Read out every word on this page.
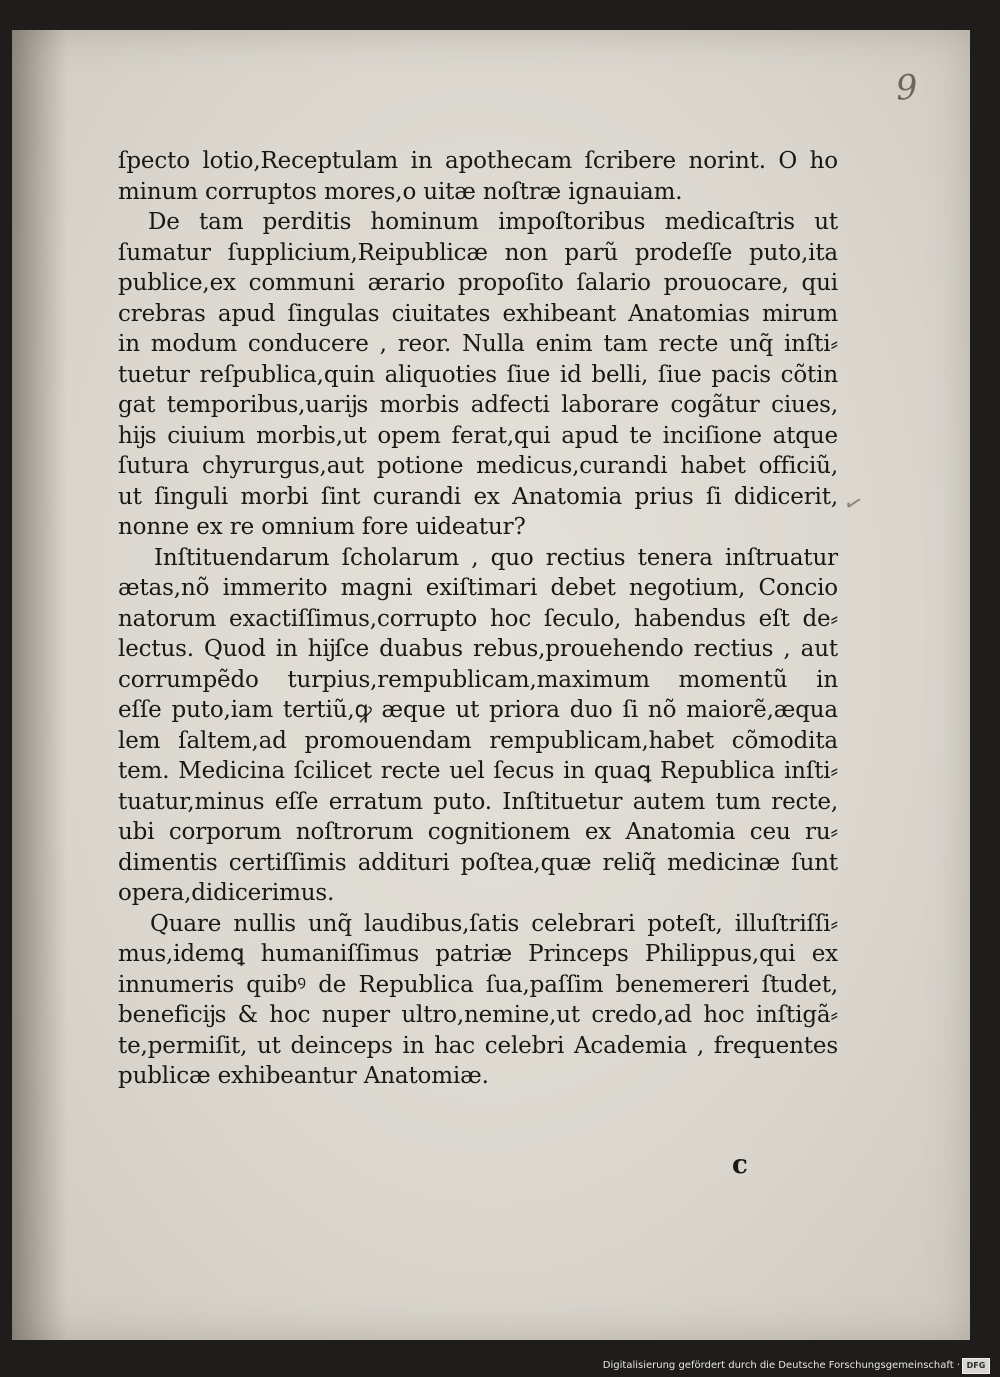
9
ſpecto lotio,Receptulam in apothecam ſcribere norint. O ho
minum corruptos mores,o uitæ noſtræ ignauiam.
De tam perditis hominum impoſtoribus medicaſtris ut
ſumatur ſupplicium,Reipublicæ non parũ prodeſſe puto,ita
publice,ex communi ærario propoſito ſalario prouocare, qui
crebras apud ſingulas ciuitates exhibeant Anatomias mirum
in modum conducere , reor. Nulla enim tam recte unq̃ inſti⸗
tuetur reſpublica,quin aliquoties ſiue id belli, ſiue pacis cõtin
gat temporibus,uarĳs morbis adfecti laborare cogãtur ciues,
hĳs ciuium morbis,ut opem ferat,qui apud te inciſione atque
ſutura chyrurgus,aut potione medicus,curandi habet officiũ,
ut ſinguli morbi ſint curandi ex Anatomia prius ſi didicerit,
nonne ex re omnium fore uideatur?
Inſtituendarum ſcholarum , quo rectius tenera inſtruatur
ætas,nõ immerito magni exiſtimari debet negotium, Concio
natorum exactiſſimus,corrupto hoc ſeculo, habendus eſt de⸗
lectus. Quod in hĳſce duabus rebus,prouehendo rectius , aut
corrumpẽdo turpius,rempublicam,maximum momentũ in
eſſe puto,iam tertiũ,ꝙ æque ut priora duo ſi nõ maiorẽ,æqua
lem ſaltem,ad promouendam rempublicam,habet cõmodita
tem. Medicina ſcilicet recte uel ſecus in quaꝗ Republica inſti⸗
tuatur,minus eſſe erratum puto. Inſtituetur autem tum recte,
ubi corporum noſtrorum cognitionem ex Anatomia ceu ru⸗
dimentis certiſſimis addituri poſtea,quæ reliq̃ medicinæ ſunt
opera,didicerimus.
Quare nullis unq̃ laudibus,ſatis celebrari poteſt, illuſtriſſi⸗
mus,idemꝗ humaniſſimus patriæ Princeps Philippus,qui ex
innumeris quibꝰ de Republica ſua,paſſim benemereri ſtudet,
beneficĳs & hoc nuper ultro,nemine,ut credo,ad hoc inſtigã⸗
te,permiſit, ut deinceps in hac celebri Academia , frequentes
publicæ exhibeantur Anatomiæ.
✓
c
Digitalisierung gefördert durch die Deutsche Forschungsgemeinschaft · DFG
